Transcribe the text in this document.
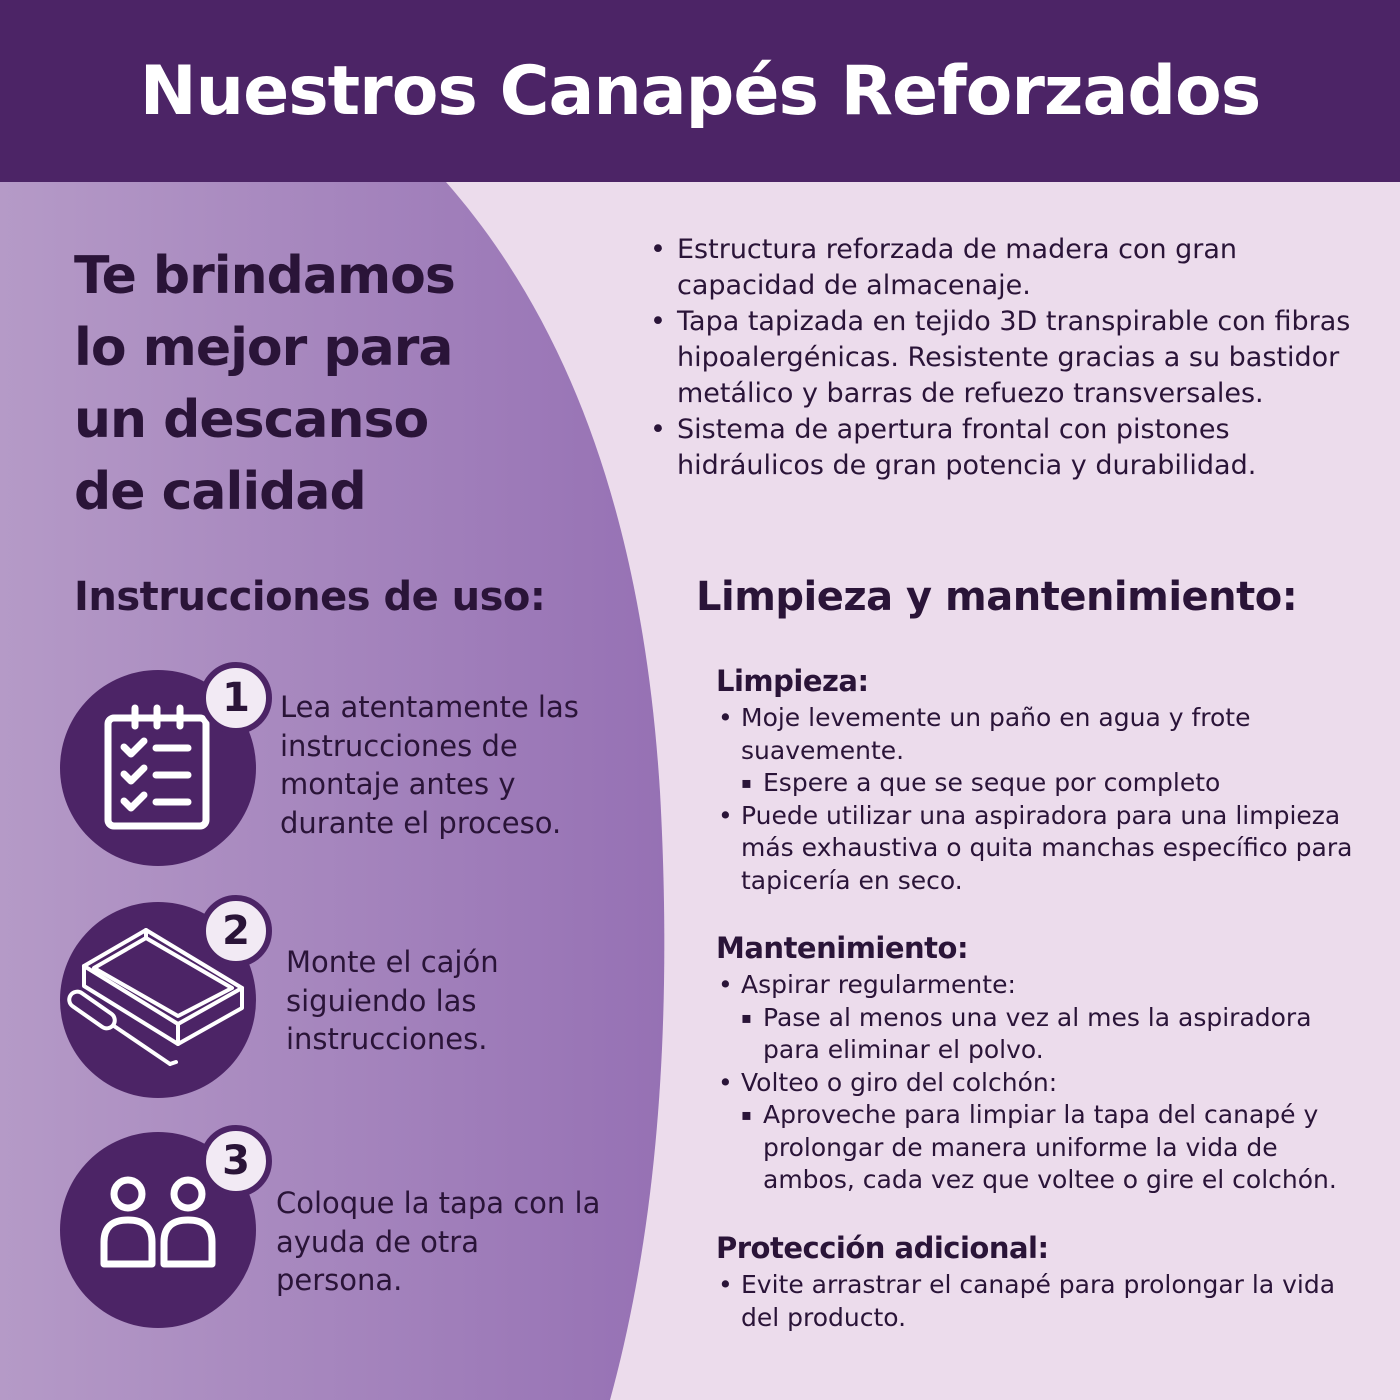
Nuestros Canapés Reforzados
Te brindamos
lo mejor para
un descanso
de calidad
• Estructura reforzada de madera con gran capacidad de almacenaje.
• Tapa tapizada en tejido 3D transpirable con fibras hipoalergénicas. Resistente gracias a su bastidor metálico y barras de refuezo transversales.
• Sistema de apertura frontal con pistones hidráulicos de gran potencia y durabilidad.
Instrucciones de uso:
1	Lea atentamente las instrucciones de montaje antes y durante el proceso.

2

Monte el cajón siguiendo las instrucciones.

3

Coloque la tapa con la ayuda de otra persona.

Limpieza y mantenimiento:
Limpieza:
• Moje levemente un paño en agua y frote suavemente.
▪ Espere a que se seque por completo
• Puede utilizar una aspiradora para una limpieza más exhaustiva o quita manchas específico para tapicería en seco.
Mantenimiento:
• Aspirar regularmente:
▪ Pase al menos una vez al mes la aspiradora para eliminar el polvo.
• Volteo o giro del colchón:
▪ Aproveche para limpiar la tapa del canapé y prolongar de manera uniforme la vida de ambos, cada vez que voltee o gire el colchón.
Protección adicional:
• Evite arrastrar el canapé para prolongar la vida del producto.
